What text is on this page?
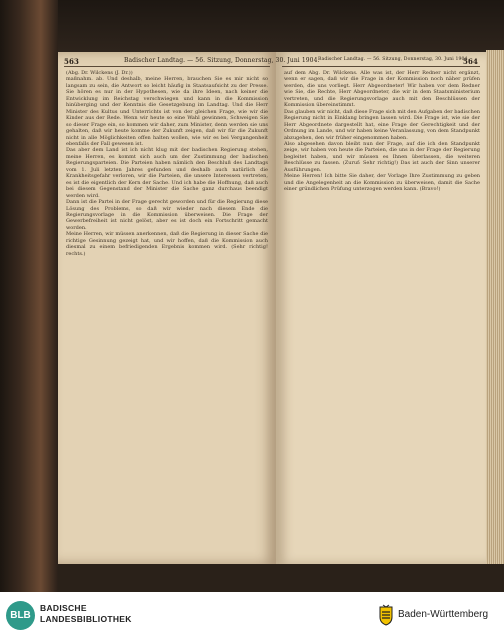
563	Badischer Landtag. — 56. Sitzung, Donnerstag, 30. Juni 1904.
Badischer Landtag. — 56. Sitzung, Donnerstag, 30. Juni 1904.
564

(Abg. Dr. Wilckens (J. Dr.))

maßnahm. ab. Und deshalb, meine Herren, brauchen Sie es mir nicht so langsam zu sein, die Antwort so leicht häufig in Staatsaufsicht zu der Presse. Sie hören es nur in der Hypothesen, wie da ihre Ideen, nach keiner die Entwicklung im Reichstag verschwiegen und kann in die Kommission hinüberging und der Kenntnis die Gesetzgebung im Landtag. Und die Herr Minister des Kultus und Unterrichts ist von der gleichen Frage, wie wir die Kinder aus der Rede. Wenn wir heute so eine Wahl gewinnen, Schweigen Sie so dieser Frage ein, so kommen wir daher, zum Minister, denn werden sie uns gehalten, daß wir heute komme der Zukunft zeigen, daß wir für die Zukunft nicht in alle Möglichkeiten offen halten wollen, wie wir es bei Vergangenheit ebenfalls der Fall gewesen ist.

Das aber dem Land ist ich nicht klug mit der badischen Regierung stehen, meine Herren, es kommt sich auch um der Zustimmung der badischen Regierungsparteien. Die Parteien haben nämlich den Beschluß des Landtags vom 1. Juli letzten Jahres gefunden und deshalb auch natürlich die Krankheitsgefahr verloren, wir die Parteien, die unsere Interessen vertreten, es ist die eigentlich der Kern der Sache. Und ich habe die Hoffnung, daß auch bei diesem Gegenstand der Minister die Sache ganz durchaus beendigt werden wird.

Dann ist die Partei in der Frage gerecht geworden und für die Regierung diese Lösung des Problems, so daß wir wieder nach diesem Ende die Regierungsvorlage in die Kommission überweisen. Die Frage der Gewerbefreiheit ist nicht gelöst, aber es ist doch ein Fortschritt gemacht worden.

Meine Herren, wir müssen anerkennen, daß die Regierung in dieser Sache die richtige Gesinnung gezeigt hat, und wir hoffen, daß die Kommission auch diesmal zu einem befriedigenden Ergebnis kommen wird. (Sehr richtig! rechts.)

auf dem Abg. Dr. Wilckens. Alle was ist, der Herr Redner nicht ergänzt, wenn er sagen, daß wir die Frage in der Kommission noch näher prüfen werden, die uns vorliegt. Herr Abgeordneter! Wir haben vor dem Redner wie Sie, die Rechte, Herr Abgeordneter, die wir in dem Staatsministerium vertreten, und die Regierungsvorlage auch mit den Beschlüssen der Kommission übereinstimmt.

Das glauben wir nicht, daß diese Frage sich mit den Aufgaben der badischen Regierung nicht in Einklang bringen lassen wird. Die Frage ist, wie sie der Herr Abgeordnete dargestellt hat, eine Frage der Gerechtigkeit und der Ordnung im Lande, und wir haben keine Veranlassung, von dem Standpunkt abzugehen, den wir früher eingenommen haben.

Also abgesehen davon bleibt nun der Frage, auf die ich den Standpunkt zeige, wir haben von heute die Parteien, die uns in der Frage der Regierung begleitet haben, und wir müssen es Ihnen überlassen, die weiteren Beschlüsse zu fassen. (Zuruf: Sehr richtig!) Das ist auch der Sinn unserer Ausführungen.

Meine Herren! Ich bitte Sie daher, der Vorlage Ihre Zustimmung zu geben und die Angelegenheit an die Kommission zu überweisen, damit die Sache einer gründlichen Prüfung unterzogen werden kann. (Bravo!)

BLB
BADISCHE
LANDESBIBLIOTHEK	Baden-Württemberg
